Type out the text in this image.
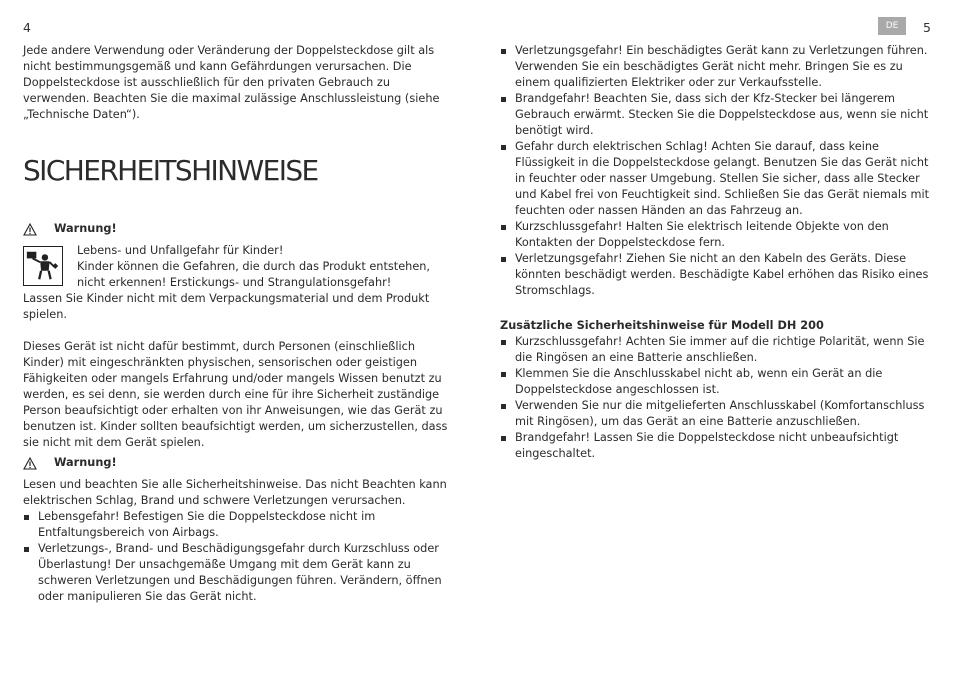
4

Jede andere Verwendung oder Veränderung der Doppelsteckdose gilt als nicht bestimmungsgemäß und kann Gefährdungen verursachen. Die Doppelsteckdose ist ausschließlich für den privaten Gebrauch zu verwenden. Beachten Sie die maximal zulässige Anschlussleistung (siehe „Technische Daten“).

SICHERHEITSHINWEISE
Warnung!

Lebens- und Unfallgefahr für Kinder!

Kinder können die Gefahren, die durch das Produkt entstehen,

nicht erkennen! Erstickungs- und Strangulationsgefahr!

Lassen Sie Kinder nicht mit dem Verpackungsmaterial und dem Produkt spielen.

Dieses Gerät ist nicht dafür bestimmt, durch Personen (einschließlich Kinder) mit eingeschränkten physischen, sensorischen oder geistigen Fähigkeiten oder mangels Erfahrung und/oder mangels Wissen benutzt zu werden, es sei denn, sie werden durch eine für ihre Sicherheit zuständige Person beaufsichtigt oder erhalten von ihr Anweisungen, wie das Gerät zu benutzen ist. Kinder sollten beaufsichtigt werden, um sicherzustellen, dass sie nicht mit dem Gerät spielen.

Warnung!

Lesen und beachten Sie alle Sicherheitshinweise. Das nicht Beachten kann elektrischen Schlag, Brand und schwere Verletzungen verursachen.

Lebensgefahr! Befestigen Sie die Doppelsteckdose nicht im Entfaltungsbereich von Airbags.
Verletzungs-, Brand- und Beschädigungsgefahr durch Kurzschluss oder Überlastung! Der unsachgemäße Umgang mit dem Gerät kann zu schweren Verletzungen und Beschädigungen führen. Verändern, öffnen oder manipulieren Sie das Gerät nicht.
DE	5
Verletzungsgefahr! Ein beschädigtes Gerät kann zu Verletzungen führen. Verwenden Sie ein beschädigtes Gerät nicht mehr. Bringen Sie es zu einem qualifizierten Elektriker oder zur Verkaufsstelle.
Brandgefahr! Beachten Sie, dass sich der Kfz-Stecker bei längerem Gebrauch erwärmt. Stecken Sie die Doppelsteckdose aus, wenn sie nicht benötigt wird.
Gefahr durch elektrischen Schlag! Achten Sie darauf, dass keine Flüssigkeit in die Doppelsteckdose gelangt. Benutzen Sie das Gerät nicht in feuchter oder nasser Umgebung. Stellen Sie sicher, dass alle Stecker und Kabel frei von Feuchtigkeit sind. Schließen Sie das Gerät niemals mit feuchten oder nassen Händen an das Fahrzeug an.
Kurzschlussgefahr! Halten Sie elektrisch leitende Objekte von den Kontakten der Doppelsteckdose fern.
Verletzungsgefahr! Ziehen Sie nicht an den Kabeln des Geräts. Diese könnten beschädigt werden. Beschädigte Kabel erhöhen das Risiko eines Stromschlags.

Zusätzliche Sicherheitshinweise für Modell DH 200

Kurzschlussgefahr! Achten Sie immer auf die richtige Polarität, wenn Sie die Ringösen an eine Batterie anschließen.
Klemmen Sie die Anschlusskabel nicht ab, wenn ein Gerät an die Doppelsteckdose angeschlossen ist.
Verwenden Sie nur die mitgelieferten Anschlusskabel (Komfortanschluss mit Ringösen), um das Gerät an eine Batterie anzuschließen.
Brandgefahr! Lassen Sie die Doppelsteckdose nicht unbeaufsichtigt eingeschaltet.
